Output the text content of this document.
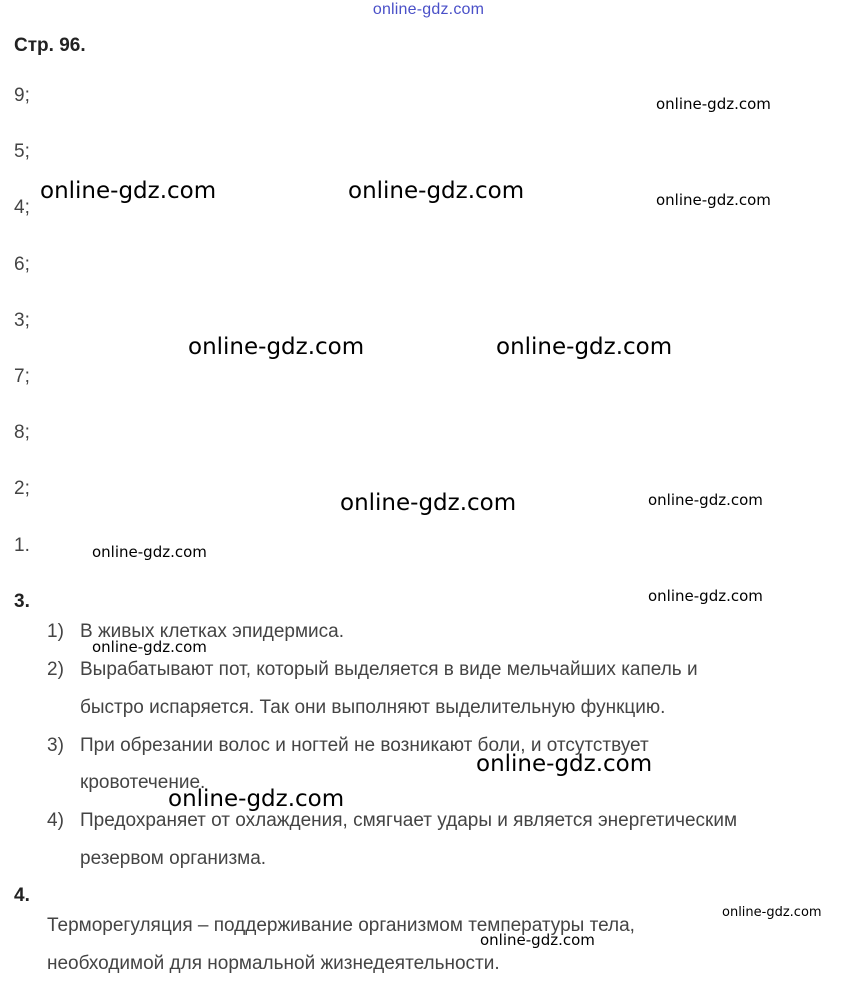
online-gdz.com
Стр. 96.
9;
5;
4;
6;
3;
7;
8;
2;
1.
3.
1) В живых клетках эпидермиса.
2) Вырабатывают пот, который выделяется в виде мельчайших капель и
быстро испаряется. Так они выполняют выделительную функцию.
3) При обрезании волос и ногтей не возникают боли, и отсутствует
кровотечение.
4) Предохраняет от охлаждения, смягчает удары и является энергетическим
резервом организма.
4.
Терморегуляция – поддерживание организмом температуры тела,
необходимой для нормальной жизнедеятельности.
online-gdz.com
online-gdz.com	online-gdz.com	online-gdz.com
online-gdz.com	online-gdz.com
online-gdz.com
online-gdz.com
online-gdz.com
online-gdz.com
online-gdz.com
online-gdz.com
online-gdz.com
online-gdz.com
online-gdz.com
